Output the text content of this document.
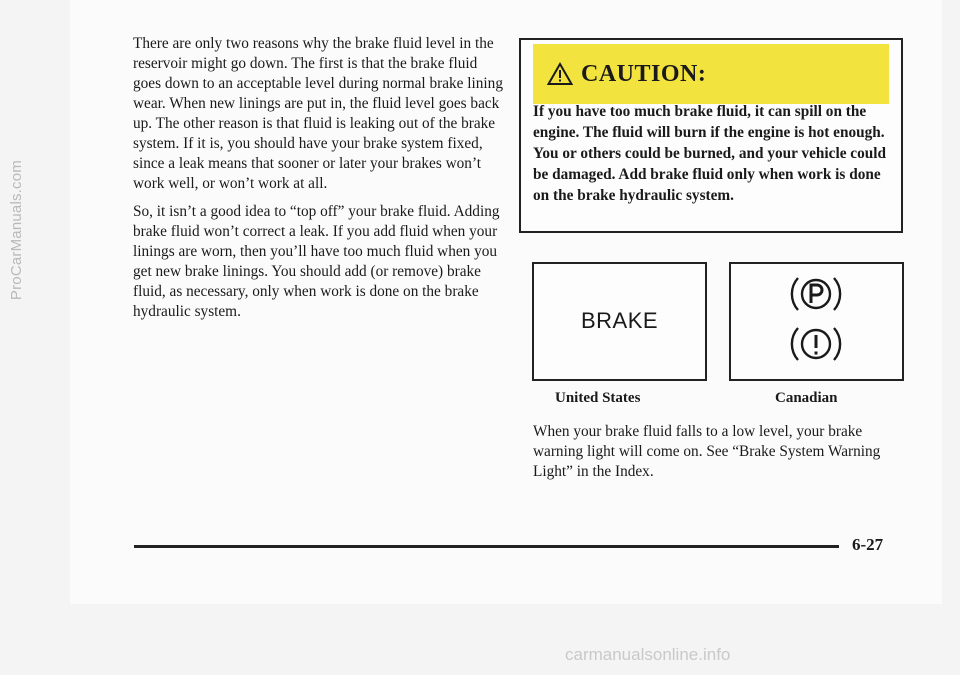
ProCarManuals.com

There are only two reasons why the brake fluid level in the reservoir might go down. The first is that the brake fluid goes down to an acceptable level during normal brake lining wear. When new linings are put in, the fluid level goes back up. The other reason is that fluid is leaking out of the brake system. If it is, you should have your brake system fixed, since a leak means that sooner or later your brakes won’t work well, or won’t work at all.

So, it isn’t a good idea to “top off” your brake fluid. Adding brake fluid won’t correct a leak. If you add fluid when your linings are worn, then you’ll have too much fluid when you get new brake linings. You should add (or remove) brake fluid, as necessary, only when work is done on the brake hydraulic system.

CAUTION:
If you have too much brake fluid, it can spill on the engine. The fluid will burn if the engine is hot enough. You or others could be burned, and your vehicle could be damaged. Add brake fluid only when work is done on the brake hydraulic system.
BRAKE
United States	Canadian
When your brake fluid falls to a low level, your brake warning light will come on. See “Brake System Warning Light” in the Index.
6-27
carmanualsonline.info
